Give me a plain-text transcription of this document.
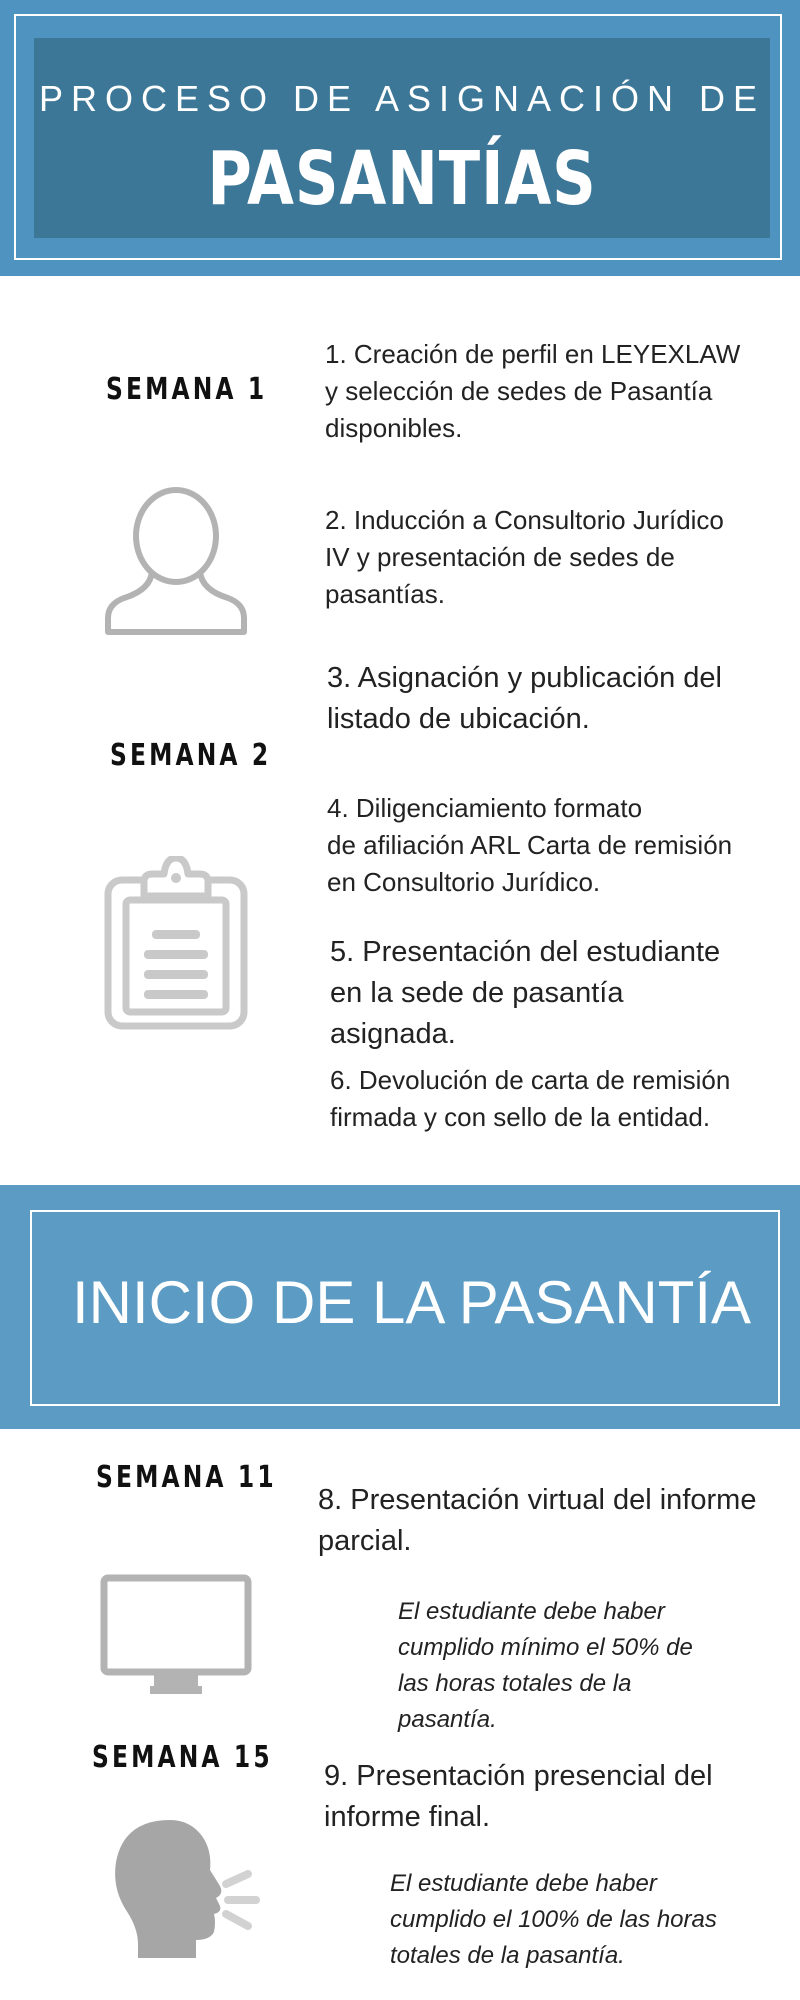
PROCESO DE ASIGNACIÓN DE
PASANTÍAS
SEMANA 1
1. Creación de perfil en LEYEXLAW
y selección de sedes de Pasantía
disponibles.
2. Inducción a Consultorio Jurídico
IV y presentación de sedes de
pasantías.
3. Asignación y publicación del
listado de ubicación.
SEMANA 2
4. Diligenciamiento formato
de afiliación ARL Carta de remisión
en Consultorio Jurídico.
5. Presentación del estudiante
en la sede de pasantía
asignada.
6. Devolución de carta de remisión
firmada y con sello de la entidad.
INICIO DE LA PASANTÍA
SEMANA 11
8. Presentación virtual del informe
parcial.
El estudiante debe haber
cumplido mínimo el 50% de
las horas totales de la
pasantía.
SEMANA 15
9. Presentación presencial del
informe final.
El estudiante debe haber
cumplido el 100% de las horas
totales de la pasantía.
